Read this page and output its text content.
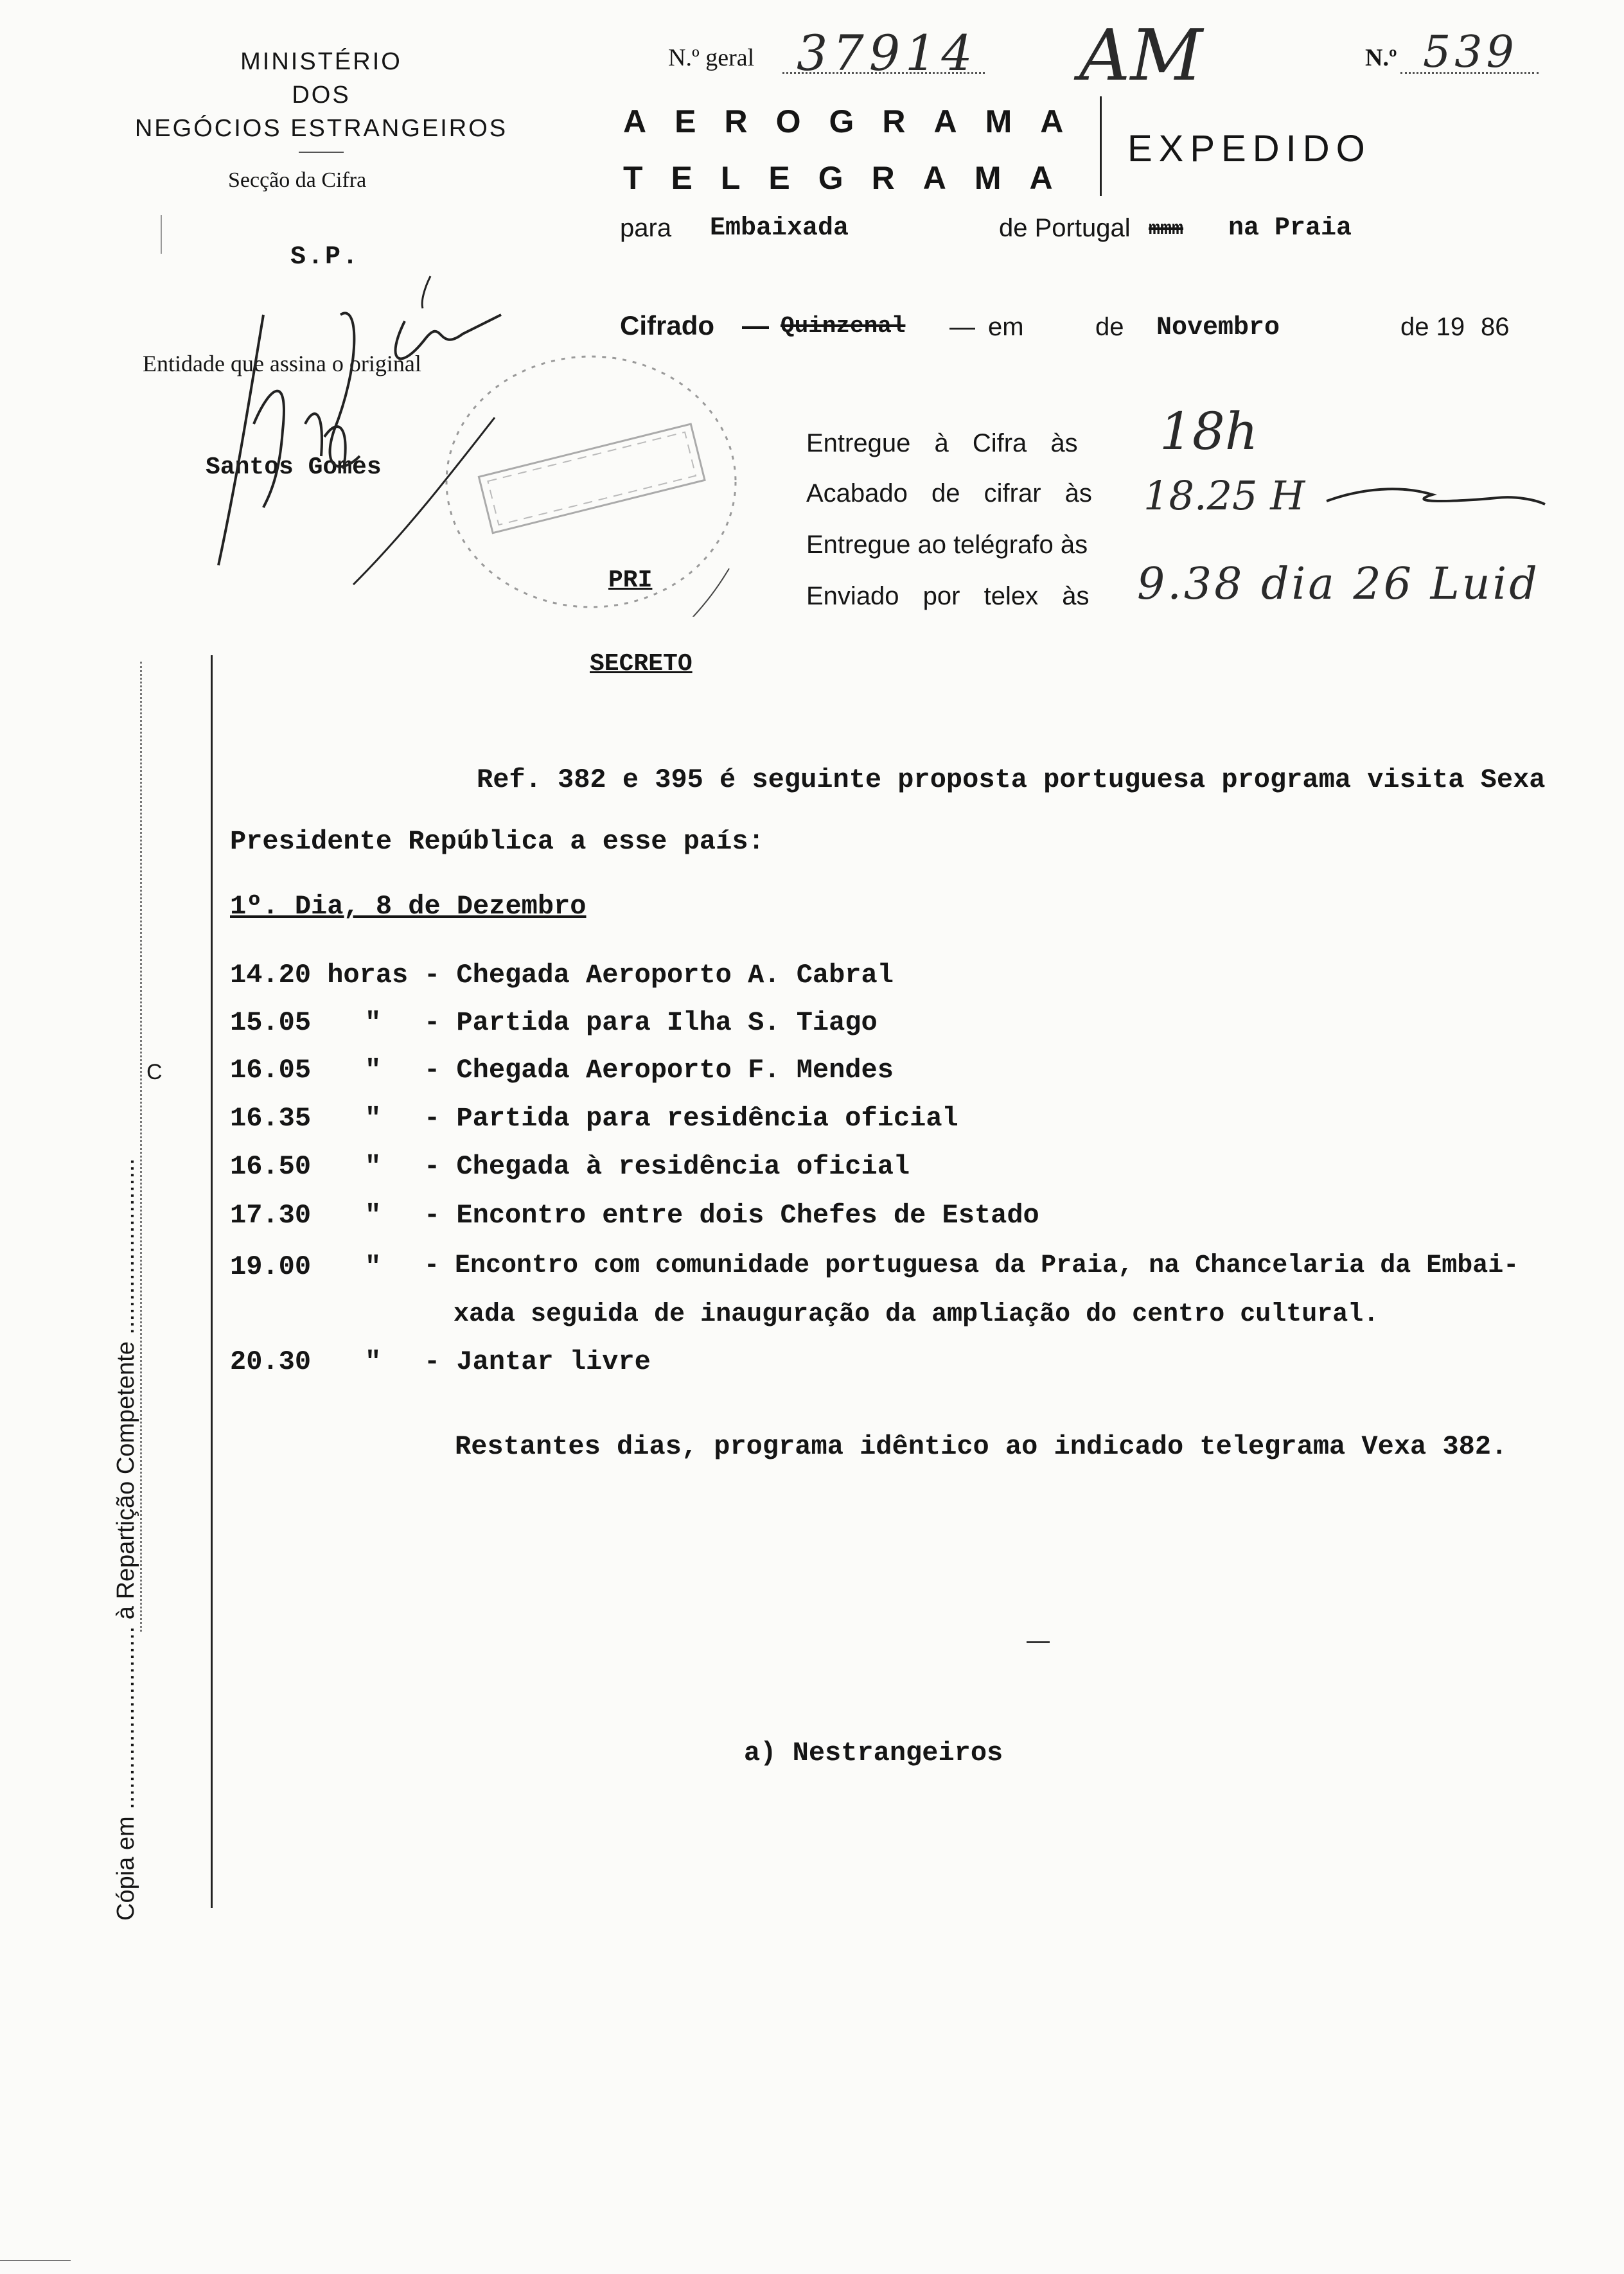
MINISTÉRIO
DOS
NEGÓCIOS ESTRANGEIROS
Secção da Cifra
S.P.
Entidade que assina o original
Santos Gomes
N.º geral 37914 AM	N.º 539
AEROGRAMA
TELEGRAMA
EXPEDIDO
para Embaixada	de Portugal mmm na Praia
Cifrado — Quinzenal — em	de Novembro	de 19 86
Entregue à Cifra às 18h
Acabado de cifrar às 18.25 H
Entregue ao telégrafo às
Enviado por telex às 9.38 dia 26 Luid
PRI
SECRETO
Cópia em ........................... à Repartição Competente ..........................
C
Ref. 382 e 395 é seguinte proposta portuguesa programa visita Sexa
Presidente República a esse país:
1º. Dia, 8 de Dezembro
14.20 horas - Chegada Aeroporto A. Cabral
15.05 " - Partida para Ilha S. Tiago
16.05 " - Chegada Aeroporto F. Mendes
16.35 " - Partida para residência oficial
16.50 " - Chegada à residência oficial
17.30 " - Encontro entre dois Chefes de Estado
19.00 " - Encontro com comunidade portuguesa da Praia, na Chancelaria da Embai-
xada seguida de inauguração da ampliação do centro cultural.
20.30 " - Jantar livre
Restantes dias, programa idêntico ao indicado telegrama Vexa 382.
a) Nestrangeiros
